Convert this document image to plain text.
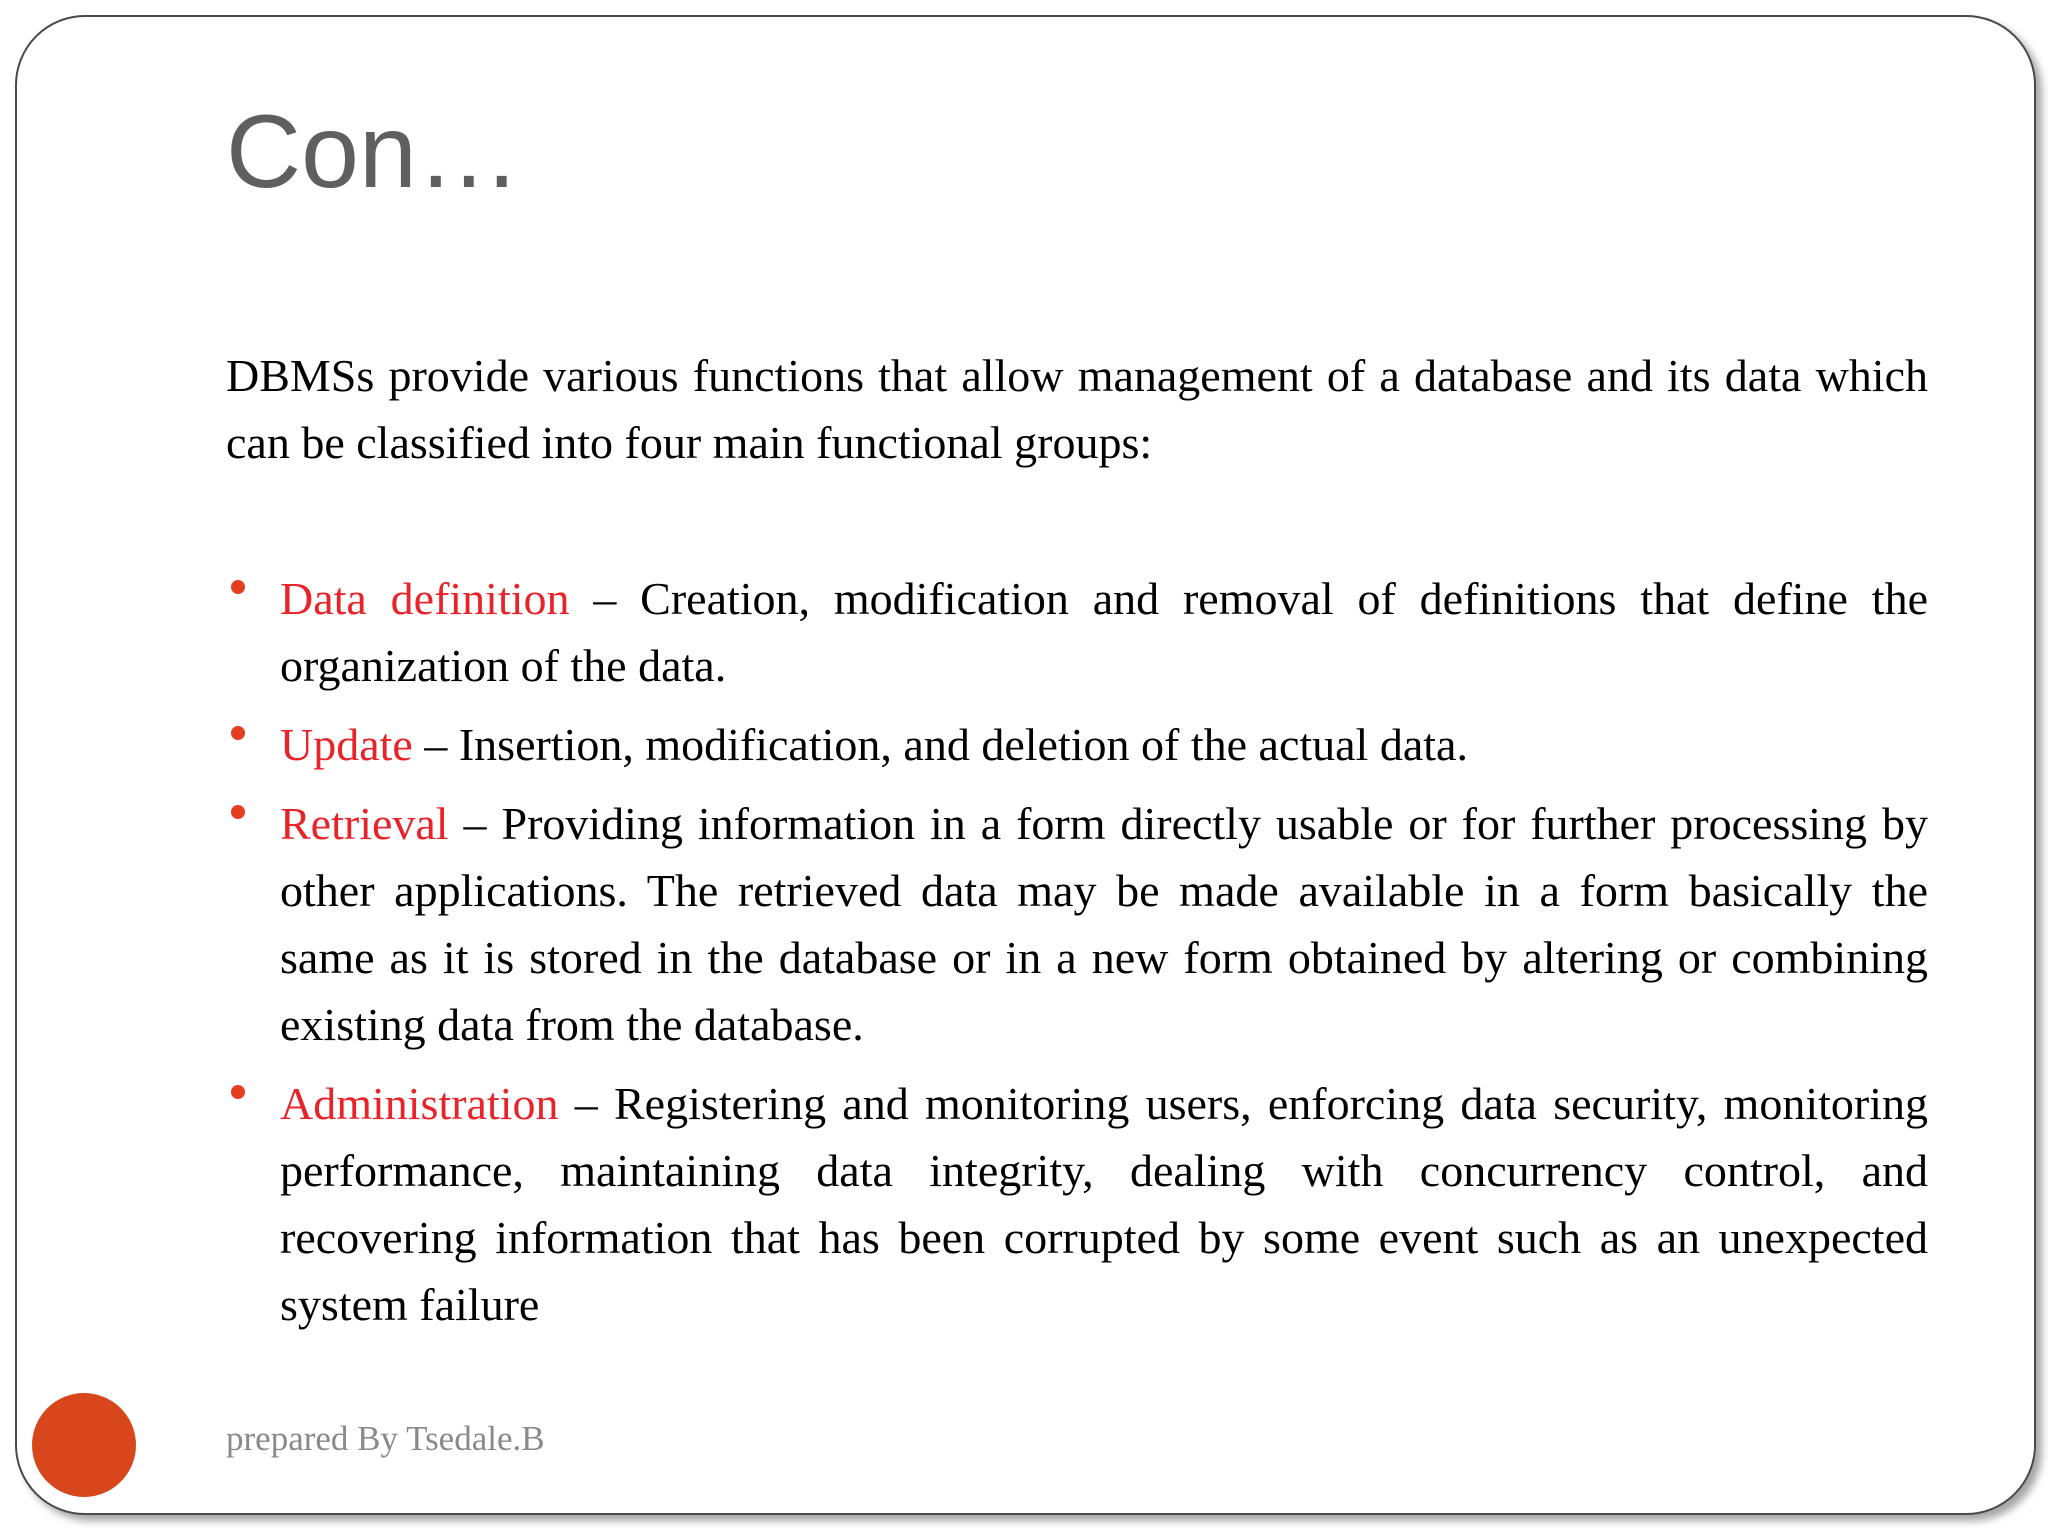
Con…

DBMSs provide various functions that allow management of a database and its data which can be classified into four main functional groups:

Data definition – Creation, modification and removal of definitions that define the organization of the data.
Update – Insertion, modification, and deletion of the actual data.
Retrieval – Providing information in a form directly usable or for further processing by other applications. The retrieved data may be made available in a form basically the same as it is stored in the database or in a new form obtained by altering or combining existing data from the database.
Administration – Registering and monitoring users, enforcing data security, monitoring performance, maintaining data integrity, dealing with concurrency control, and recovering information that has been corrupted by some event such as an unexpected system failure
prepared By Tsedale.B
